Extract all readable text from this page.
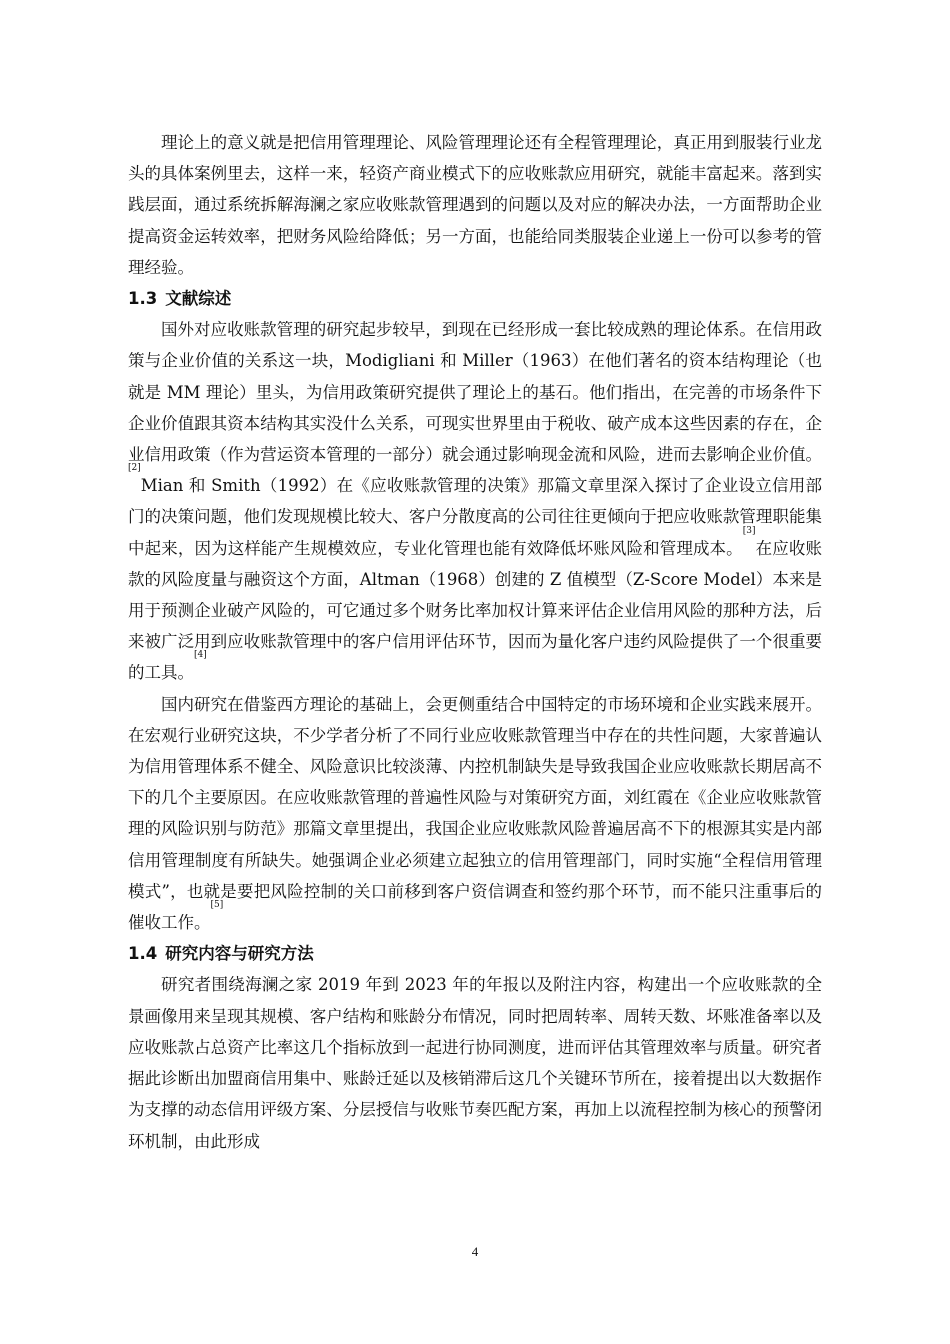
理论上的意义就是把信用管理理论、风险管理理论还有全程管理理论，真正用到服装行业龙头的具体案例里去，这样一来，轻资产商业模式下的应收账款应用研究，就能丰富起来。落到实践层面，通过系统拆解海澜之家应收账款管理遇到的问题以及对应的解决办法，一方面帮助企业提高资金运转效率，把财务风险给降低；另一方面，也能给同类服装企业递上一份可以参考的管理经验。

1.3 文献综述

国外对应收账款管理的研究起步较早，到现在已经形成一套比较成熟的理论体系。在信用政策与企业价值的关系这一块，Modigliani 和 Miller（1963）在他们著名的资本结构理论（也就是 MM 理论）里头，为信用政策研究提供了理论上的基石。他们指出，在完善的市场条件下企业价值跟其资本结构其实没什么关系，可现实世界里由于税收、破产成本这些因素的存在，企业信用政策（作为营运资本管理的一部分）就会通过影响现金流和风险，进而去影响企业价值。[2]Mian 和 Smith（1992）在《应收账款管理的决策》那篇文章里深入探讨了企业设立信用部门的决策问题，他们发现规模比较大、客户分散度高的公司往往更倾向于把应收账款管理职能集中起来，因为这样能产生规模效应，专业化管理也能有效降低坏账风险和管理成本。[3]在应收账款的风险度量与融资这个方面，Altman（1968）创建的 Z 值模型（Z-Score Model）本来是用于预测企业破产风险的，可它通过多个财务比率加权计算来评估企业信用风险的那种方法，后来被广泛用到应收账款管理中的客户信用评估环节，因而为量化客户违约风险提供了一个很重要的工具。[4]

国内研究在借鉴西方理论的基础上，会更侧重结合中国特定的市场环境和企业实践来展开。在宏观行业研究这块，不少学者分析了不同行业应收账款管理当中存在的共性问题，大家普遍认为信用管理体系不健全、风险意识比较淡薄、内控机制缺失是导致我国企业应收账款长期居高不下的几个主要原因。在应收账款管理的普遍性风险与对策研究方面，刘红霞在《企业应收账款管理的风险识别与防范》那篇文章里提出，我国企业应收账款风险普遍居高不下的根源其实是内部信用管理制度有所缺失。她强调企业必须建立起独立的信用管理部门，同时实施“全程信用管理模式”，也就是要把风险控制的关口前移到客户资信调查和签约那个环节，而不能只注重事后的催收工作。[5]

1.4 研究内容与研究方法

研究者围绕海澜之家 2019 年到 2023 年的年报以及附注内容，构建出一个应收账款的全景画像用来呈现其规模、客户结构和账龄分布情况，同时把周转率、周转天数、坏账准备率以及应收账款占总资产比率这几个指标放到一起进行协同测度，进而评估其管理效率与质量。研究者据此诊断出加盟商信用集中、账龄迁延以及核销滞后这几个关键环节所在，接着提出以大数据作为支撑的动态信用评级方案、分层授信与收账节奏匹配方案，再加上以流程控制为核心的预警闭环机制，由此形成

4
